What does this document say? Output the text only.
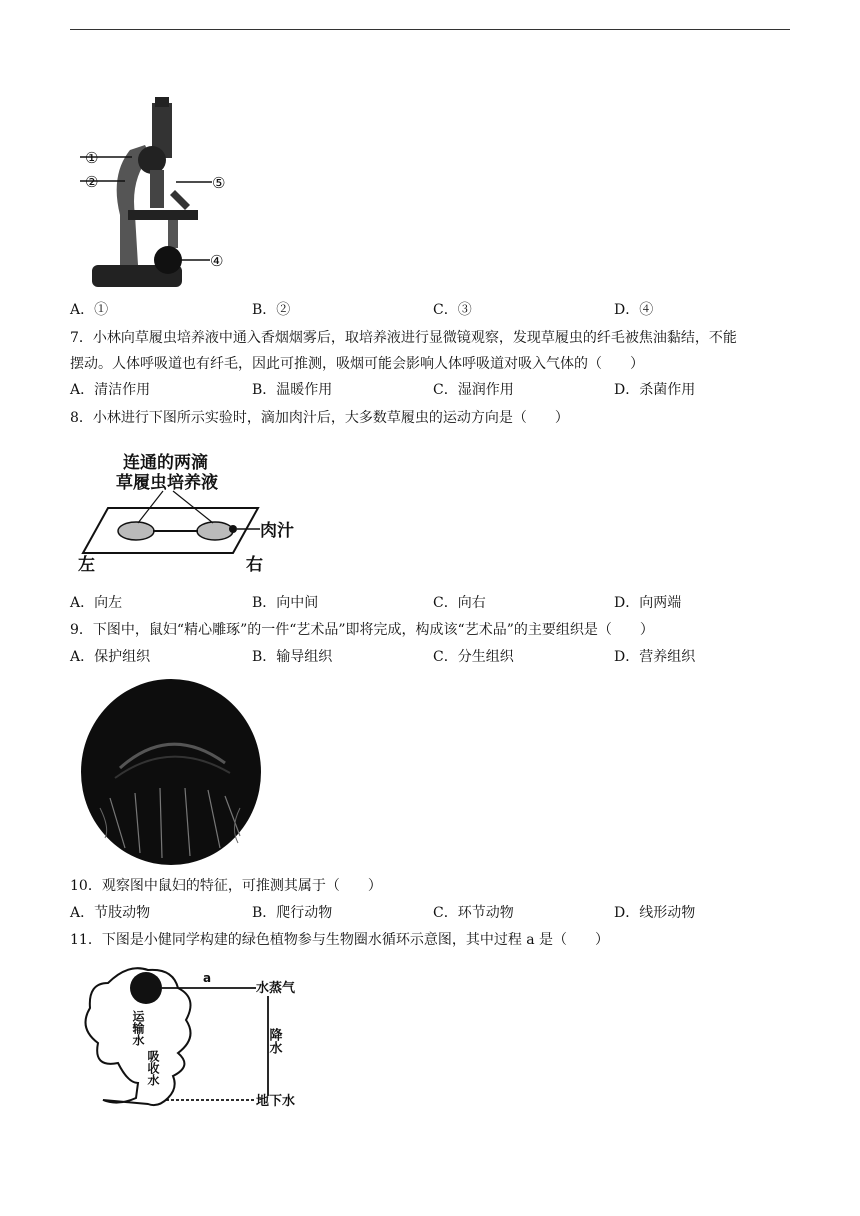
①
②	⑤
④
A．①	B．②	C．③	D．④
7．小林向草履虫培养液中通入香烟烟雾后，取培养液进行显微镜观察，发现草履虫的纤毛被焦油黏结，不能
摆动。人体呼吸道也有纤毛，因此可推测，吸烟可能会影响人体呼吸道对吸入气体的（　　）
A．清洁作用	B．温暖作用	C．湿润作用	D．杀菌作用
8．小林进行下图所示实验时，滴加肉汁后，大多数草履虫的运动方向是（　　）
连通的两滴
草履虫培养液
肉汁
左	右
A．向左	B．向中间	C．向右	D．向两端
9．下图中，鼠妇“精心雕琢”的一件“艺术品”即将完成，构成该“艺术品”的主要组织是（　　）
A．保护组织	B．输导组织	C．分生组织	D．营养组织
10．观察图中鼠妇的特征，可推测其属于（　　）
A．节肢动物	B．爬行动物	C．环节动物	D．线形动物
11．下图是小健同学构建的绿色植物参与生物圈水循环示意图，其中过程 a 是（　　）
a
水蒸气
地下水
降水
运输水
吸收水
